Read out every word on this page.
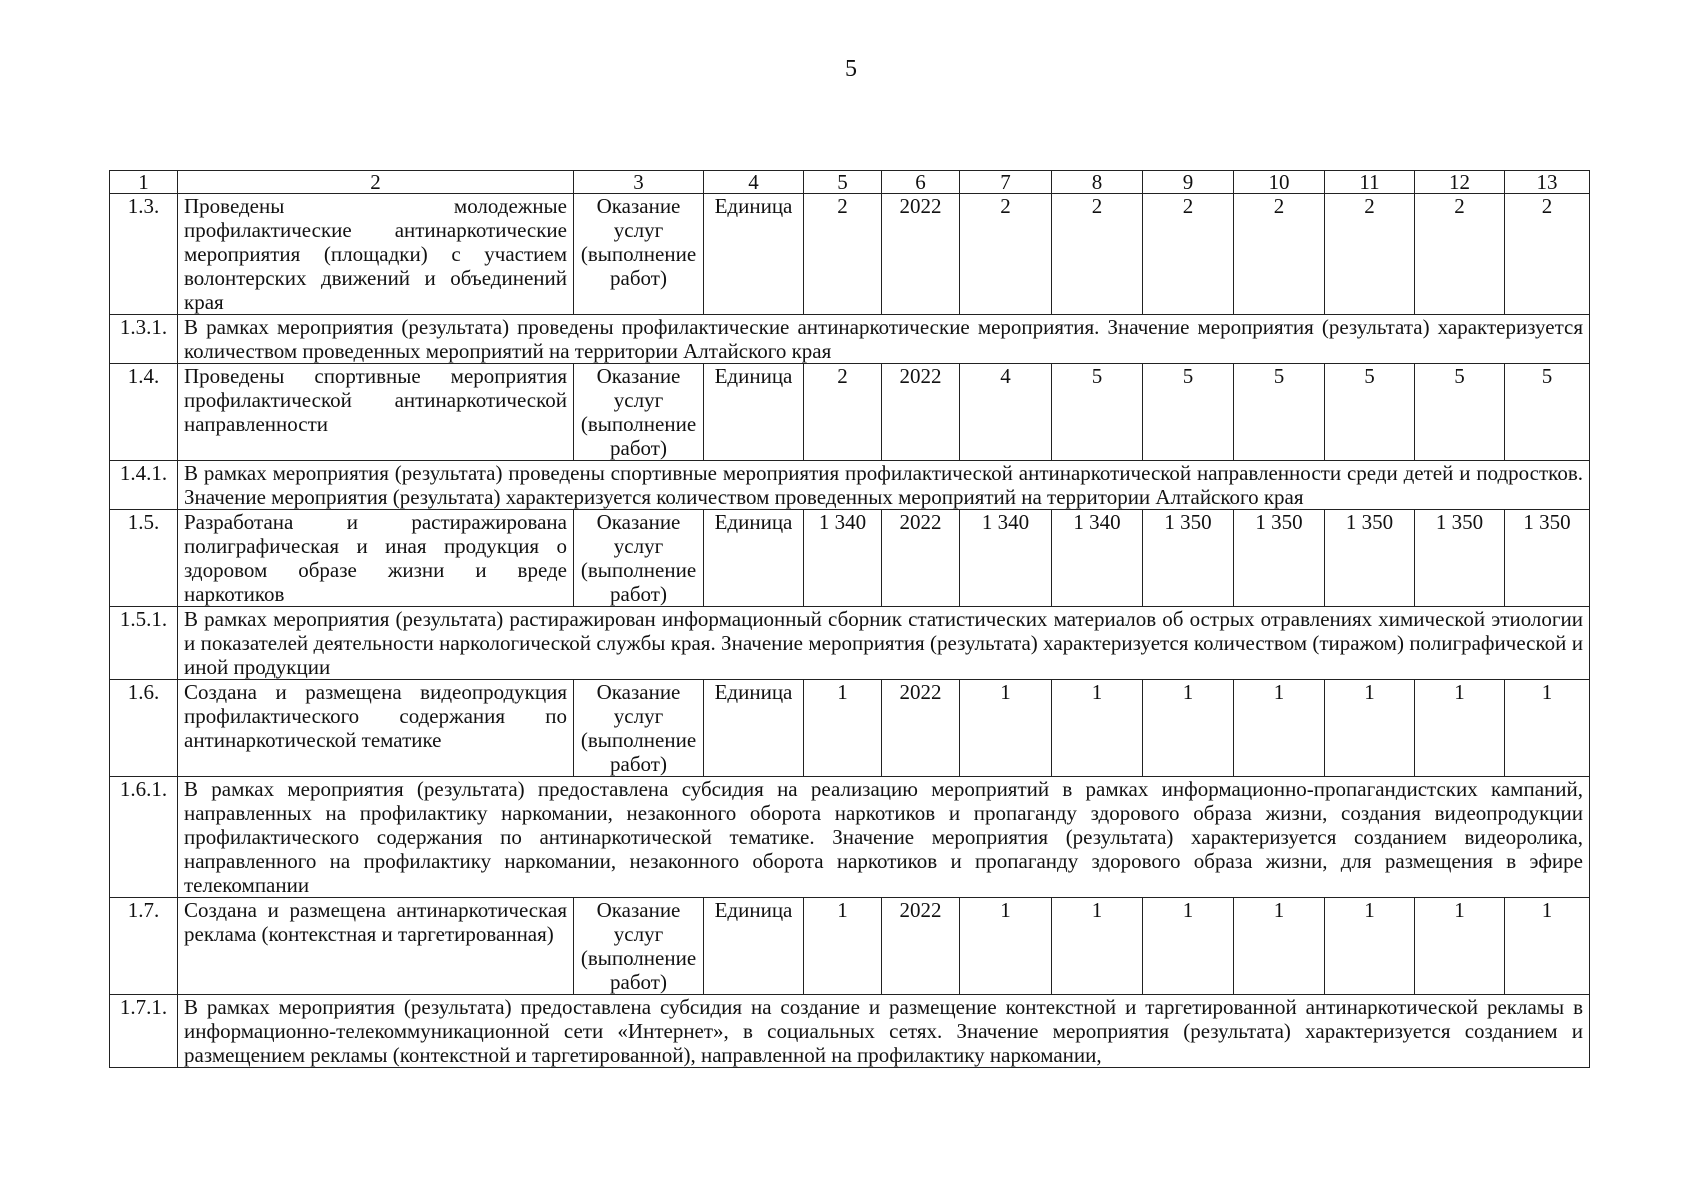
5
1	2	3	4	5	6	7	8	9	10	11	12	13
1.3.	Проведены молодежные профилактические антинаркотические мероприятия (площадки) с участием волонтерских движений и объединений края	Оказание услуг (выполнение работ)	Единица	2	2022	2	2	2	2	2	2	2
1.3.1.	В рамках мероприятия (результата) проведены профилактические антинаркотические мероприятия. Значение мероприятия (результата) характеризуется количеством проведенных мероприятий на территории Алтайского края											
1.4.	Проведены спортивные мероприятия профилактической антинаркотической направленности	Оказание услуг (выполнение работ)	Единица	2	2022	4	5	5	5	5	5	5
1.4.1.	В рамках мероприятия (результата) проведены спортивные мероприятия профилактической антинаркотической направленности среди детей и подростков. Значение мероприятия (результата) характеризуется количеством проведенных мероприятий на территории Алтайского края											
1.5.	Разработана и растиражирована полиграфическая и иная продукция о здоровом образе жизни и вреде наркотиков	Оказание услуг (выполнение работ)	Единица	1 340	2022	1 340	1 340	1 350	1 350	1 350	1 350	1 350
1.5.1.	В рамках мероприятия (результата) растиражирован информационный сборник статистических материалов об острых отравлениях химической этиологии и показателей деятельности наркологической службы края. Значение мероприятия (результата) характеризуется количеством (тиражом) полиграфической и иной продукции											
1.6.	Создана и размещена видеопродукция профилактического содержания по антинаркотической тематике	Оказание услуг (выполнение работ)	Единица	1	2022	1	1	1	1	1	1	1
1.6.1.	В рамках мероприятия (результата) предоставлена субсидия на реализацию мероприятий в рамках информационно-пропагандистских кампаний, направленных на профилактику наркомании, незаконного оборота наркотиков и пропаганду здорового образа жизни, создания видеопродукции профилактического содержания по антинаркотической тематике. Значение мероприятия (результата) характеризуется созданием видеоролика, направленного на профилактику наркомании, незаконного оборота наркотиков и пропаганду здорового образа жизни, для размещения в эфире телекомпании											
1.7.	Создана и размещена антинаркотическая реклама (контекстная и таргетированная)	Оказание услуг (выполнение работ)	Единица	1	2022	1	1	1	1	1	1	1
1.7.1.	В рамках мероприятия (результата) предоставлена субсидия на создание и размещение контекстной и таргетированной антинаркотической рекламы в информационно-телекоммуникационной сети «Интернет», в социальных сетях. Значение мероприятия (результата) характеризуется созданием и размещением рекламы (контекстной и таргетированной), направленной на профилактику наркомании,											
